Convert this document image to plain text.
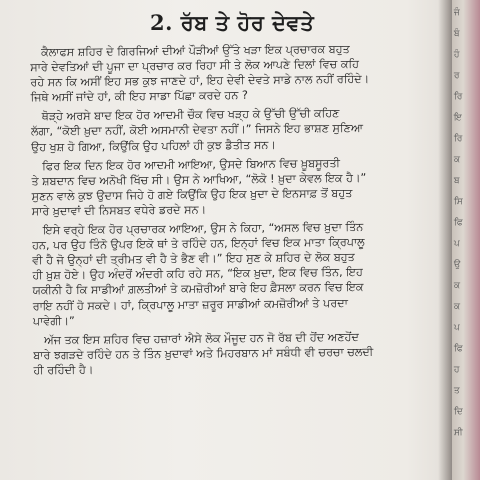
2. ਰੱਬ ਤੇ ਹੋਰ ਦੇਵਤੇ
ਕੈਲਾਫਸ ਸ਼ਹਿਰ ਦੇ ਗਿਰਜਿਆਂ ਦੀਆਂ ਪੌੜੀਆਂ ਉੱਤੇ ਖੜਾ ਇਕ ਪ੍ਰਚਾਰਕ ਬਹੁਤ
ਸਾਰੇ ਦੇਵਤਿਆਂ ਦੀ ਪੂਜਾ ਦਾ ਪ੍ਰਚਾਰ ਕਰ ਰਿਹਾ ਸੀ ਤੇ ਲੋਕ ਆਪਣੇ ਦਿਲਾਂ ਵਿਚ ਕਹਿ
ਰਹੇ ਸਨ ਕਿ ਅਸੀਂ ਇਹ ਸਭ ਕੁਝ ਜਾਣਦੇ ਹਾਂ, ਇਹ ਦੇਵੀ ਦੇਵਤੇ ਸਾਡੇ ਨਾਲ ਨਹੀਂ ਰਹਿੰਦੇ।
ਜਿਥੇ ਅਸੀਂ ਜਾਂਦੇ ਹਾਂ, ਕੀ ਇਹ ਸਾਡਾ ਪਿੱਛਾ ਕਰਦੇ ਹਨ ?
ਥੋੜ੍ਹੇ ਅਰਸੇ ਬਾਦ ਇਕ ਹੋਰ ਆਦਮੀ ਚੌਕ ਵਿਚ ਖੜ੍ਹ ਕੇ ਉੱਚੀ ਉੱਚੀ ਕਹਿਣ
ਲੱਗਾ, “ਕੋਈ ਖ਼ੁਦਾ ਨਹੀਂ, ਕੋਈ ਅਸਮਾਨੀ ਦੇਵਤਾ ਨਹੀਂ।” ਜਿਸਨੇ ਇਹ ਭਾਸ਼ਣ ਸੁਣਿਆ
ਉਹ ਖੁਸ਼ ਹੋ ਗਿਆ, ਕਿਉਂਕਿ ਉਹ ਪਹਿਲਾਂ ਹੀ ਕੁਝ ਡੈਤੀਤ ਸਨ।
ਫਿਰ ਇਕ ਦਿਨ ਇਕ ਹੋਰ ਆਦਮੀ ਆਇਆ, ਉਸਦੇ ਬਿਆਨ ਵਿਚ ਖ਼ੂਬਸੂਰਤੀ
ਤੇ ਸ਼ਬਦਾਨ ਵਿਚ ਅਨੋਖੀ ਖਿੱਚ ਸੀ। ਉਸ ਨੇ ਆਖਿਆ, “ਲੋਕੋ ! ਖ਼ੁਦਾ ਕੇਵਲ ਇਕ ਹੈ।”
ਸੁਣਨ ਵਾਲੇ ਕੁਝ ਉਦਾਸ ਜਿਹੇ ਹੋ ਗਏ ਕਿਉਂਕਿ ਉਹ ਇਕ ਖ਼ੁਦਾ ਦੇ ਇਨਸਾਫ਼ ਤੋਂ ਬਹੁਤ
ਸਾਰੇ ਖ਼ੁਦਾਵਾਂ ਦੀ ਨਿਸਬਤ ਵਧੇਰੇ ਡਰਦੇ ਸਨ।
ਇਸੇ ਵਰ੍ਹੇ ਇਕ ਹੋਰ ਪ੍ਰਚਾਰਕ ਆਇਆ, ਉਸ ਨੇ ਕਿਹਾ, “ਅਸਲ ਵਿਚ ਖ਼ੁਦਾ ਤਿੰਨ
ਹਨ, ਪਰ ਉਹ ਤਿੰਨੋ ਉਪਰ ਇਕੋ ਥਾਂ ਤੇ ਰਹਿੰਦੇ ਹਨ, ਇਨ੍ਹਾਂ ਵਿਚ ਇਕ ਮਾਤਾ ਕ੍ਰਿਪਾਲੂ
ਵੀ ਹੈ ਜੋ ਉਨ੍ਹਾਂ ਦੀ ਤ੍ਰੀਮਤ ਵੀ ਹੈ ਤੇ ਭੈਣ ਵੀ।” ਇਹ ਸੁਣ ਕੇ ਸ਼ਹਿਰ ਦੇ ਲੋਕ ਬਹੁਤ
ਹੀ ਖ਼ੁਸ਼ ਹੋਏ। ਉਹ ਅੰਦਰੋਂ ਅੰਦਰੀ ਕਹਿ ਰਹੇ ਸਨ, “ਇਕ ਖ਼ੁਦਾ, ਇਕ ਵਿਚ ਤਿੰਨ, ਇਹ
ਯਕੀਨੀ ਹੈ ਕਿ ਸਾਡੀਆਂ ਗ਼ਲਤੀਆਂ ਤੇ ਕਮਜ਼ੋਰੀਆਂ ਬਾਰੇ ਇਹ ਫ਼ੈਸਲਾ ਕਰਨ ਵਿਚ ਇਕ
ਰਾਇ ਨਹੀਂ ਹੋ ਸਕਦੇ। ਹਾਂ, ਕ੍ਰਿਪਾਲੂ ਮਾਤਾ ਜ਼ਰੂਰ ਸਾਡੀਆਂ ਕਮਜ਼ੋਰੀਆਂ ਤੇ ਪਰਦਾ
ਪਾਵੇਗੀ।”
ਅੱਜ ਤਕ ਇਸ ਸ਼ਹਿਰ ਵਿਚ ਹਜ਼ਾਰਾਂ ਐਸੇ ਲੋਕ ਮੌਜੂਦ ਹਨ ਜੋ ਰੱਬ ਦੀ ਹੋਂਦ ਅਣਹੋਂਦ
ਬਾਰੇ ਝਗੜਦੇ ਰਹਿੰਦੇ ਹਨ ਤੇ ਤਿੰਨ ਖ਼ੁਦਾਵਾਂ ਅਤੇ ਮਿਹਰਬਾਨ ਮਾਂ ਸਬੰਧੀ ਵੀ ਚਰਚਾ ਚਲਦੀ
ਹੀ ਰਹਿੰਦੀ ਹੈ।
ਜੰ
ਬੰ
ਹੰ
ਰ
ਰਿ
ਇ
ਰਿ
ਕ
ਬ
ਸਿ
ਫਿ
ਪ
ਉ
ਕ
ਕ
ਪ
ਫਿ
ਹ
ਤ
ਦਿ
ਸੀ
